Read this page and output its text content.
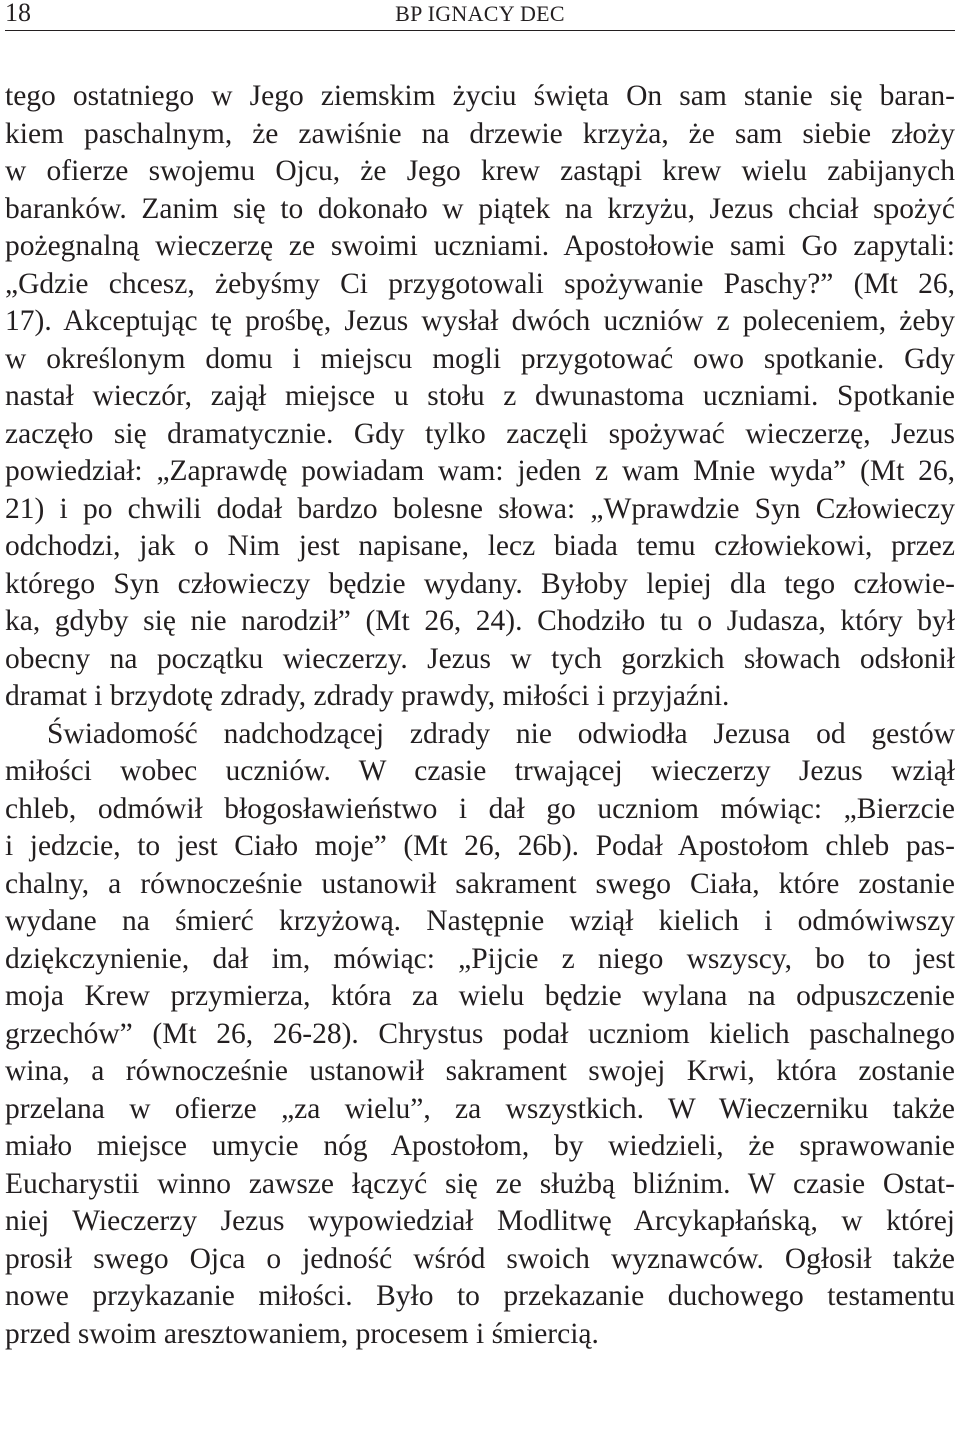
18	BP IGNACY DEC
tego ostatniego w Jego ziemskim życiu święta On sam stanie się baran-
kiem paschalnym, że zawiśnie na drzewie krzyża, że sam siebie złoży
w ofierze swojemu Ojcu, że Jego krew zastąpi krew wielu zabijanych
baranków. Zanim się to dokonało w piątek na krzyżu, Jezus chciał spożyć
pożegnalną wieczerzę ze swoimi uczniami. Apostołowie sami Go zapytali:
„Gdzie chcesz, żebyśmy Ci przygotowali spożywanie Paschy?” (Mt 26,
17). Akceptując tę prośbę, Jezus wysłał dwóch uczniów z poleceniem, żeby
w określonym domu i miejscu mogli przygotować owo spotkanie. Gdy
nastał wieczór, zajął miejsce u stołu z dwunastoma uczniami. Spotkanie
zaczęło się dramatycznie. Gdy tylko zaczęli spożywać wieczerzę, Jezus
powiedział: „Zaprawdę powiadam wam: jeden z wam Mnie wyda” (Mt 26,
21) i po chwili dodał bardzo bolesne słowa: „Wprawdzie Syn Człowieczy
odchodzi, jak o Nim jest napisane, lecz biada temu człowiekowi, przez
którego Syn człowieczy będzie wydany. Byłoby lepiej dla tego człowie-
ka, gdyby się nie narodził” (Mt 26, 24). Chodziło tu o Judasza, który był
obecny na początku wieczerzy. Jezus w tych gorzkich słowach odsłonił
dramat i brzydotę zdrady, zdrady prawdy, miłości i przyjaźni.
Świadomość nadchodzącej zdrady nie odwiodła Jezusa od gestów
miłości wobec uczniów. W czasie trwającej wieczerzy Jezus wziął
chleb, odmówił błogosławieństwo i dał go uczniom mówiąc: „Bierzcie
i jedzcie, to jest Ciało moje” (Mt 26, 26b). Podał Apostołom chleb pas-
chalny, a równocześnie ustanowił sakrament swego Ciała, które zostanie
wydane na śmierć krzyżową. Następnie wziął kielich i odmówiwszy
dziękczynienie, dał im, mówiąc: „Pijcie z niego wszyscy, bo to jest
moja Krew przymierza, która za wielu będzie wylana na odpuszczenie
grzechów” (Mt 26, 26-28). Chrystus podał uczniom kielich paschalnego
wina, a równocześnie ustanowił sakrament swojej Krwi, która zostanie
przelana w ofierze „za wielu”, za wszystkich. W Wieczerniku także
miało miejsce umycie nóg Apostołom, by wiedzieli, że sprawowanie
Eucharystii winno zawsze łączyć się ze służbą bliźnim. W czasie Ostat-
niej Wieczerzy Jezus wypowiedział Modlitwę Arcykapłańską, w której
prosił swego Ojca o jedność wśród swoich wyznawców. Ogłosił także
nowe przykazanie miłości. Było to przekazanie duchowego testamentu
przed swoim aresztowaniem, procesem i śmiercią.
